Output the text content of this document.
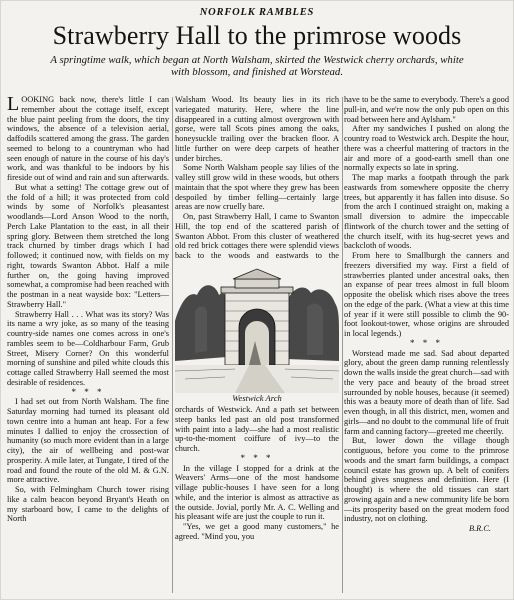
NORFOLK RAMBLES
Strawberry Hall to the primrose woods
A springtime walk, which began at North Walsham, skirted the Westwick cherry orchards, white with blossom, and finished at Worstead.

LOOKING back now, there's little I can remember about the cottage itself, except the blue paint peeling from the doors, the tiny windows, the absence of a television aerial, daffodils scattered among the grass. The garden seemed to belong to a countryman who had seen enough of nature in the course of his day's work, and was thankful to be indoors by his fireside out of wind and rain and sun afterwards.

But what a setting! The cottage grew out of the fold of a hill; it was protected from cold winds by some of Norfolk's pleasantest woodlands—Lord Anson Wood to the north, Perch Lake Plantation to the east, in all their spring glory. Between them stretched the long track churned by timber drags which I had followed; it continued now, with fields on my right, towards Swanton Abbot. Half a mile further on, the going having improved somewhat, a compromise had been reached with the postman in a neat wayside box: "Letters—Strawberry Hall."

Strawberry Hall . . . What was its story? Was its name a wry joke, as so many of the teasing country-side names one comes across in one's rambles seem to be—Coldharbour Farm, Grub Street, Misery Corner? On this wonderful morning of sunshine and piled white clouds this cottage called Strawberry Hall seemed the most desirable of residences.

* * *

I had set out from North Walsham. The fine Saturday morning had turned its pleasant old town centre into a human ant heap. For a few minutes I dallied to enjoy the crossection of humanity (so much more evident than in a large city), the air of wellbeing and post-war prosperity. A mile later, at Tungate, I tired of the road and found the route of the old M. & G.N. more attractive.

So, with Felmingham Church tower rising like a calm beacon beyond Bryant's Heath on my starboard bow, I came to the delights of North

Walsham Wood. Its beauty lies in its rich variegated maturity. Here, where the line disappeared in a cutting almost overgrown with gorse, were tall Scots pines among the oaks, honeysuckle trailing over the bracken floor. A little further on were deep carpets of heather under birches.

Some North Walsham people say lilies of the valley still grow wild in these woods, but others maintain that the spot where they grew has been despoiled by timber felling—certainly large areas are now cruelly bare.

On, past Strawberry Hall, I came to Swanton Hill, the top end of the scattered parish of Swanton Abbot. From this cluster of weathered old red brick cottages there were splendid views back to the woods and eastwards to the

Westwick Arch

orchards of Westwick. And a path set between steep banks led past an old post transformed with paint into a lady—she had a most realistic up-to-the-moment coiffure of ivy—to the church.

* * *

In the village I stopped for a drink at the Weavers' Arms—one of the most handsome village public-houses I have seen for a long while, and the interior is almost as attractive as the outside. Jovial, portly Mr. A. C. Welling and his pleasant wife are just the couple to run it.

"Yes, we get a good many customers," he agreed. "Mind you, you

have to be the same to everybody. There's a good pull-in, and we're now the only pub open on this road between here and Aylsham."

After my sandwiches I pushed on along the country road to Westwick arch. Despite the hour, there was a cheerful mattering of tractors in the air and more of a good-earth smell than one normally expects so late in spring.

The map marks a footpath through the park eastwards from somewhere opposite the cherry trees, but apparently it has fallen into disuse. So from the arch I continued straight on, making a small diversion to admire the impeccable flintwork of the church tower and the setting of the church itself, with its hug-secret yews and backcloth of woods.

From here to Smallburgh the canners and freezers diversified my way. First a field of strawberries planted under ancestral oaks, then an expanse of pear trees almost in full bloom opposite the obelisk which rises above the trees on the edge of the park. (What a view at this time of year if it were still possible to climb the 90-foot lookout-tower, whose origins are shrouded in local legends.)

* * *

Worstead made me sad. Sad about departed glory, about the green damp running relentlessly down the walls inside the great church—sad with the very pace and beauty of the broad street surrounded by noble houses, because (it seemed) this was a beauty more of death than of life. Sad even though, in all this district, men, women and girls—and no doubt to the communal life of fruit farm and canning factory—greeted me cheerily.

But, lower down the village though contiguous, before you come to the primrose woods and the smart farm buildings, a compact council estate has grown up. A belt of conifers behind gives snugness and definition. Here (I thought) is where the old tissues can start growing again and a new community life be born—its prosperity based on the great modern food industry, not on clothing.

B.R.C.
